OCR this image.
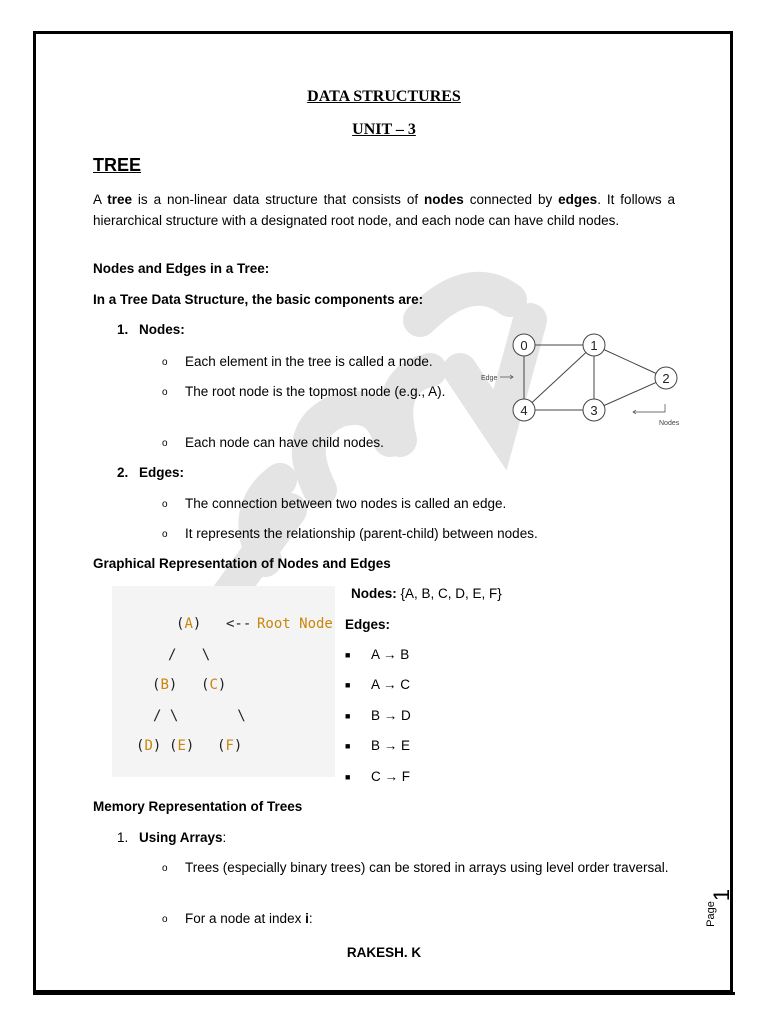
DATA STRUCTURES
UNIT – 3
TREE
A tree is a non-linear data structure that consists of nodes connected by edges. It follows a hierarchical structure with a designated root node, and each node can have child nodes.
Nodes and Edges in a Tree:
In a Tree Data Structure, the basic components are:
1. Nodes:
o Each element in the tree is called a node.
o The root node is the topmost node (e.g., A).
o Each node can have child nodes.
0	1
2
3
4
Edge
Nodes
2. Edges:
o The connection between two nodes is called an edge.
o It represents the relationship (parent-child) between nodes.
Graphical Representation of Nodes and Edges
(A) <-- Root Node
/   \
(B) (C)
/ \       \
(D) (E) (F)
Nodes: {A, B, C, D, E, F}
Edges:
■ A → B
■ A → C
■ B → D
■ B → E
■ C → F
Memory Representation of Trees
1. Using Arrays:
o Trees (especially binary trees) can be stored in arrays using level order traversal.
o For a node at index i:
RAKESH. K
Page
1
